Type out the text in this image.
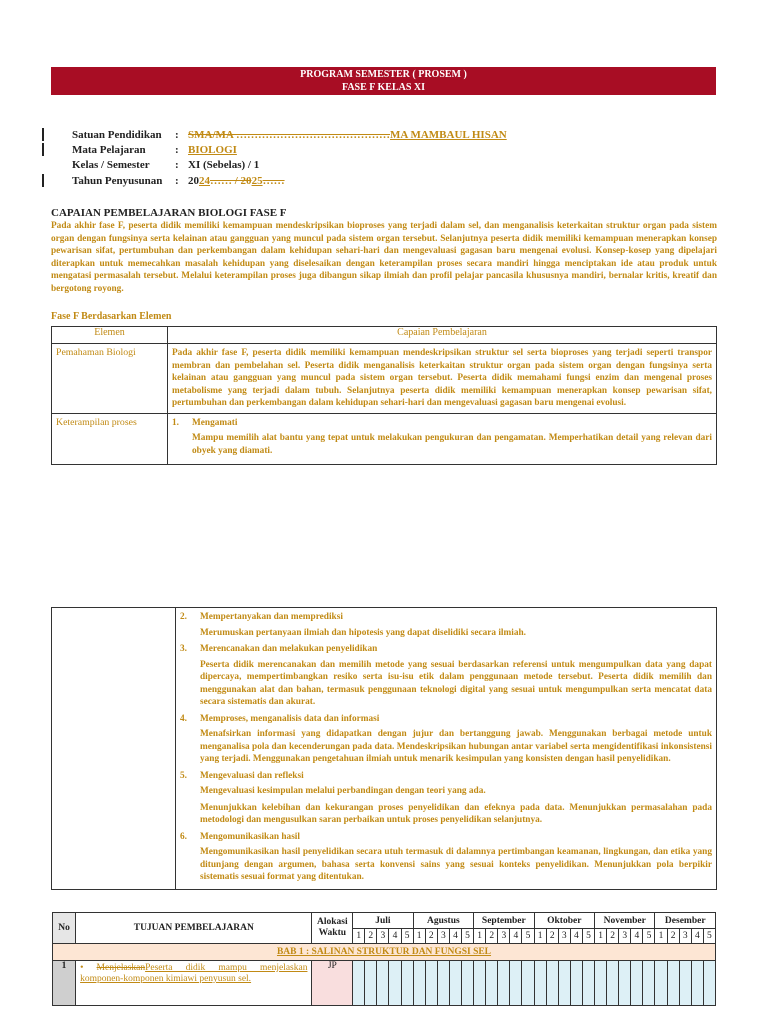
PROGRAM SEMESTER ( PROSEM )
FASE F KELAS XI
Satuan Pendidikan	: SMA/MA ……………………………………MA MAMBAUL HISAN
Mata Pelajaran	: BIOLOGI
Kelas / Semester	: XI (Sebelas) / 1
Tahun Penyusunan	: 2024…… / 2025……
CAPAIAN PEMBELAJARAN BIOLOGI FASE F
Pada akhir fase F, peserta didik memiliki kemampuan mendeskripsikan bioproses yang terjadi dalam sel, dan menganalisis keterkaitan struktur organ pada sistem organ dengan fungsinya serta kelainan atau gangguan yang muncul pada sistem organ tersebut. Selanjutnya peserta didik memiliki kemampuan menerapkan konsep pewarisan sifat, pertumbuhan dan perkembangan dalam kehidupan sehari-hari dan mengevaluasi gagasan baru mengenai evolusi. Konsep-kosep yang dipelajari diterapkan untuk memecahkan masalah kehidupan yang diselesaikan dengan keterampilan proses secara mandiri hingga menciptakan ide atau produk untuk mengatasi permasalah tersebut. Melalui keterampilan proses juga dibangun sikap ilmiah dan profil pelajar pancasila khususnya mandiri, bernalar kritis, kreatif dan bergotong royong.
Fase F Berdasarkan Elemen
Elemen	Capaian Pembelajaran
Pemahaman Biologi	Pada akhir fase F, peserta didik memiliki kemampuan mendeskripsikan struktur sel serta bioproses yang terjadi seperti transpor membran dan pembelahan sel. Peserta didik menganalisis keterkaitan struktur organ pada sistem organ dengan fungsinya serta kelainan atau gangguan yang muncul pada sistem organ tersebut. Peserta didik memahami fungsi enzim dan mengenal proses metabolisme yang terjadi dalam tubuh. Selanjutnya peserta didik memiliki kemampuan menerapkan konsep pewarisan sifat, pertumbuhan dan perkembangan dalam kehidupan sehari-hari dan mengevaluasi gagasan baru mengenai evolusi.
Keterampilan proses	1. Mengamati
Mampu memilih alat bantu yang tepat untuk melakukan pengukuran dan pengamatan. Memperhatikan detail yang relevan dari obyek yang diamati.

2.	Mempertanyakan dan memprediksi
Merumuskan pertanyaan ilmiah dan hipotesis yang dapat diselidiki secara ilmiah.
3.	Merencanakan dan melakukan penyelidikan
Peserta didik merencanakan dan memilih metode yang sesuai berdasarkan referensi untuk mengumpulkan data yang dapat dipercaya, mempertimbangkan resiko serta isu-isu etik dalam penggunaan metode tersebut. Peserta didik memilih dan menggunakan alat dan bahan, termasuk penggunaan teknologi digital yang sesuai untuk mengumpulkan serta mencatat data secara sistematis dan akurat.
4.	Memproses, menganalisis data dan informasi
Menafsirkan informasi yang didapatkan dengan jujur dan bertanggung jawab. Menggunakan berbagai metode untuk menganalisa pola dan kecenderungan pada data. Mendeskripsikan hubungan antar variabel serta mengidentifikasi inkonsistensi yang terjadi. Menggunakan pengetahuan ilmiah untuk menarik kesimpulan yang konsisten dengan hasil penyelidikan.
5.	Mengevaluasi dan refleksi
Mengevaluasi kesimpulan melalui perbandingan dengan teori yang ada.
Menunjukkan kelebihan dan kekurangan proses penyelidikan dan efeknya pada data. Menunjukkan permasalahan pada metodologi dan mengusulkan saran perbaikan untuk proses penyelidikan selanjutnya.
6.	Mengomunikasikan hasil
Mengomunikasikan hasil penyelidikan secara utuh termasuk di dalamnya pertimbangan keamanan, lingkungan, dan etika yang ditunjang dengan argumen, bahasa serta konvensi sains yang sesuai konteks penyelidikan. Menunjukkan pola berpikir sistematis sesuai format yang ditentukan.
No	TUJUAN PEMBELAJARAN	Alokasi Waktu	Juli					Agustus					September					Oktober					November					Desember				
			1	2	3	4	5	1	2	3	4	5	1	2	3	4	5	1	2	3	4	5	1	2	3	4	5	1	2	3	4	5
BAB 1 : SALINAN STRUKTUR DAN FUNGSI SEL																																
1	• MenjelaskanPeserta didik mampu menjelaskan komponen-komponen kimiawi penyusun sel.	JP																														
